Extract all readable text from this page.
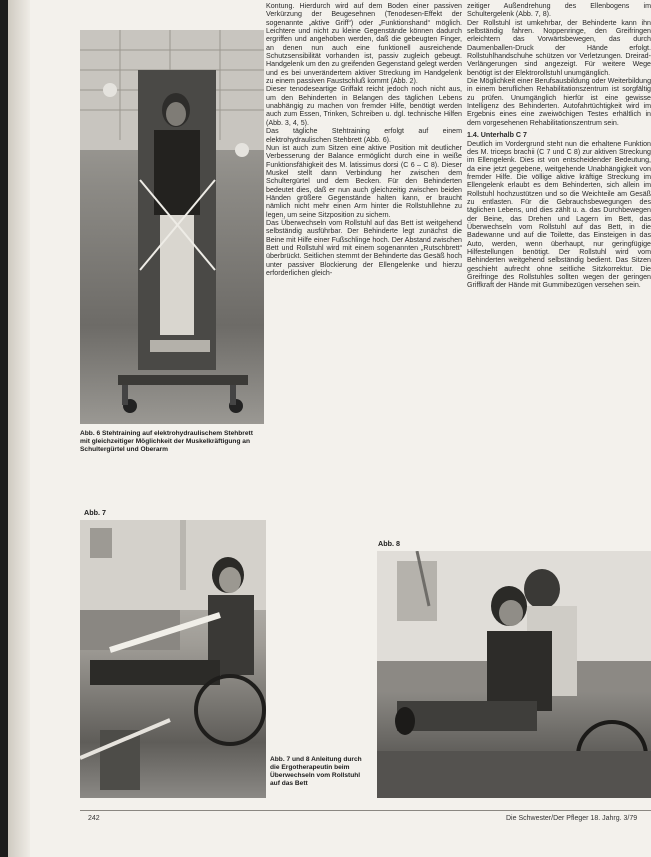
Abb. 6 Stehtraining auf elektrohydraulischem Stehbrett mit gleichzeitiger Möglichkeit der Muskelkräftigung an Schultergürtel und Oberarm

Kontung. Hierdurch wird auf dem Boden einer passiven Verkürzung der Beugesehnen (Tenodesen-Effekt der sogenannte „aktive Griff“) oder „Funktionshand“ möglich. Leichtere und nicht zu kleine Gegenstände können dadurch ergriffen und angehoben werden, daß die gebeugten Finger, an denen nun auch eine funktionell ausreichende Schutzsensibilität vorhanden ist, passiv zugleich gebeugt. Handgelenk um den zu greifenden Gegenstand gelegt werden und es bei unverändertem aktiver Streckung im Handgelenk zu einem passiven Faustschluß kommt (Abb. 2).

Dieser tenodeseartige Griffakt reicht jedoch noch nicht aus, um den Behinderten in Belangen des täglichen Lebens unabhängig zu machen von fremder Hilfe, benötigt werden auch zum Essen, Trinken, Schreiben u. dgl. technische Hilfen (Abb. 3, 4, 5).

Das tägliche Stehtraining erfolgt auf einem elektrohydraulischen Stehbrett (Abb. 6).

Nun ist auch zum Sitzen eine aktive Position mit deutlicher Verbesserung der Balance ermöglicht durch eine in weiße Funktionsfähigkeit des M. latissimus dorsi (C 6 – C 8). Dieser Muskel stellt dann Verbindung her zwischen dem Schultergürtel und dem Becken. Für den Behinderten bedeutet dies, daß er nun auch gleichzeitig zwischen beiden Händen größere Gegenstände halten kann, er braucht nämlich nicht mehr einen Arm hinter die Rollstuhllehne zu legen, um seine Sitzposition zu sichern.

Das Überwechseln vom Rollstuhl auf das Bett ist weitgehend selbständig ausführbar. Der Behinderte legt zunächst die Beine mit Hilfe einer Fußschlinge hoch. Der Abstand zwischen Bett und Rollstuhl wird mit einem sogenannten „Rutschbrett“ überbrückt. Seitlichen stemmt der Behinderte das Gesäß hoch unter passiver Blockierung der Ellengelenke und hierzu erforderlichen gleich-

zeitiger Außendrehung des Ellenbogens im Schultergelenk (Abb. 7, 8).

Der Rollstuhl ist umkehrbar, der Behinderte kann ihn selbständig fahren. Noppenringe, den Greifringen erleichtern das Vorwärtsbewegen, das durch Daumenballen-Druck der Hände erfolgt. Rollstuhlhandschuhe schützen vor Verletzungen. Dreirad-Verlängerungen sind angezeigt. Für weitere Wege benötigt ist der Elektrorollstuhl unumgänglich.

Die Möglichkeit einer Berufsausbildung oder Weiterbildung in einem beruflichen Rehabilitationszentrum ist sorgfältig zu prüfen. Unumgänglich hierfür ist eine gewisse Intelligenz des Behinderten. Autofahrtüchtigkeit wird im Ergebnis eines eine zweiwöchigen Testes erhältlich in dem vorgesehenen Rehabilitationszentrum sein.

1.4. Unterhalb C 7

Deutlich im Vordergrund steht nun die erhaltene Funktion des M. triceps brachii (C 7 und C 8) zur aktiven Streckung im Ellengelenk. Dies ist von entscheidender Bedeutung, da eine jetzt gegebene, weitgehende Unabhängigkeit von fremder Hilfe. Die völlige aktive kräftige Streckung im Ellengelenk erlaubt es dem Behinderten, sich allein im Rollstuhl hochzustützen und so die Weichteile am Gesäß zu entlasten. Für die Gebrauchsbewegungen des täglichen Lebens, und dies zählt u. a. das Durchbewegen der Beine, das Drehen und Lagern im Bett, das Überwechseln vom Rollstuhl auf das Bett, in die Badewanne und auf die Toilette, das Einsteigen in das Auto, werden, wenn überhaupt, nur geringfügige Hilfestellungen benötigt. Der Rollstuhl wird vom Behinderten weitgehend selbständig bedient. Das Sitzen geschieht aufrecht ohne seitliche Sitzkorrektur. Die Greifringe des Rollstuhles sollten wegen der geringen Griffkraft der Hände mit Gummibezügen versehen sein.

Abb. 7
Abb. 8
Abb. 7 und 8 Anleitung durch die Ergotherapeutin beim Überwechseln vom Rollstuhl auf das Bett
242	Die Schwester/Der Pfleger 18. Jahrg. 3/79
